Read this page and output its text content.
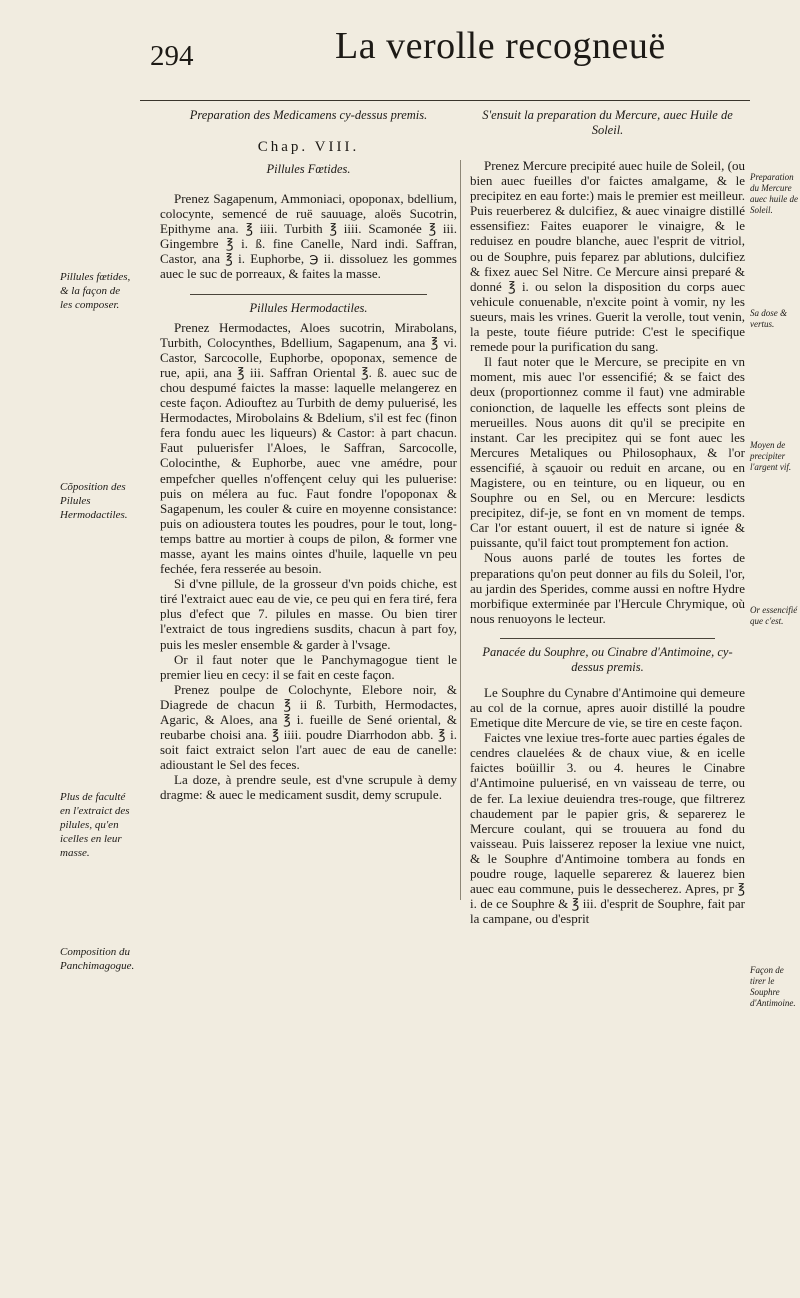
294	La verolle recogneuë
Pillules fœtides, & la façon de les composer.
Cõposition des Pilules Hermodactiles.
Plus de faculté en l'extraict des pilules, qu'en icelles en leur masse.
Composition du Panchimagogue.
Preparation du Mercure auec huile de Soleil.
Sa dose & vertus.
Moyen de precipiter l'argent vif.
Or essencifié que c'est.
Façon de tirer le Souphre d'Antimoine.
Preparation des Medicamens cy-dessus premis.
Chap. VIII.
Pillules Fœtides.

Prenez Sagapenum, Ammoniaci, opoponax, bdellium, colocynte, semencé de ruë sauuage, aloës Sucotrin, Epithyme ana. ℥ iiii. Turbith ℥ iiii. Scamonée ℥ iii. Gingembre ℥ i. ß. fine Canelle, Nard indi. Saffran, Castor, ana ℥ i. Euphorbe, ℈ ii. dissoluez les gommes auec le suc de porreaux, & faites la masse.

Pillules Hermodactiles.

Prenez Hermodactes, Aloes sucotrin, Mirabolans, Turbith, Colocynthes, Bdellium, Sagapenum, ana ℥ vi. Castor, Sarcocolle, Euphorbe, opoponax, semence de rue, apii, ana ℥ iii. Saffran Oriental ℥. ß. auec suc de chou despumé faictes la masse: laquelle melangerez en ceste façon. Adiouftez au Turbith de demy puluerisé, les Hermodactes, Mirobolains & Bdelium, s'il est fec (finon fera fondu auec les liqueurs) & Castor: à part chacun. Faut puluerisfer l'Aloes, le Saffran, Sarcocolle, Colocinthe, & Euphorbe, auec vne amédre, pour empefcher quelles n'offençent celuy qui les puluerise: puis on mélera au fuc. Faut fondre l'opoponax & Sagapenum, les couler & cuire en moyenne consistance: puis on adioustera toutes les poudres, pour le tout, long-temps battre au mortier à coups de pilon, & former vne masse, ayant les mains ointes d'huile, laquelle vn peu fechée, fera resserée au besoin.

Si d'vne pillule, de la grosseur d'vn poids chiche, est tiré l'extraict auec eau de vie, ce peu qui en fera tiré, fera plus d'efect que 7. pilules en masse. Ou bien tirer l'extraict de tous ingrediens susdits, chacun à part foy, puis les mesler ensemble & garder à l'vsage.

Or il faut noter que le Panchymagogue tient le premier lieu en cecy: il se fait en ceste façon.

Prenez poulpe de Colochynte, Elebore noir, & Diagrede de chacun ℥ ii ß. Turbith, Hermodactes, Agaric, & Aloes, ana ℥ i. fueille de Sené oriental, & reubarbe choisi ana. ℥ iiii. poudre Diarrhodon abb. ℥ i. soit faict extraict selon l'art auec de eau de canelle: adioustant le Sel des feces.

La doze, à prendre seule, est d'vne scrupule à demy dragme: & auec le medicament susdit, demy scrupule.

S'ensuit la preparation du Mercure, auec Huile de Soleil.

Prenez Mercure precipité auec huile de Soleil, (ou bien auec fueilles d'or faictes amalgame, & le precipitez en eau forte:) mais le premier est meilleur. Puis reuerberez & dulcifiez, & auec vinaigre distillé essensifiez: Faites euaporer le vinaigre, & le reduisez en poudre blanche, auec l'esprit de vitriol, ou de Souphre, puis feparez par ablutions, dulcifiez & fixez auec Sel Nitre. Ce Mercure ainsi preparé & donné ℥ i. ou selon la disposition du corps auec vehicule conuenable, n'excite point à vomir, ny les sueurs, mais les vrines. Guerit la verolle, tout venin, la peste, toute fiéure putride: C'est le specifique remede pour la purification du sang.

Il faut noter que le Mercure, se precipite en vn moment, mis auec l'or essencifié; & se faict des deux (proportionnez comme il faut) vne admirable conionction, de laquelle les effects sont pleins de merueilles. Nous auons dit qu'il se precipite en instant. Car les precipitez qui se font auec les Mercures Metaliques ou Philosophaux, & l'or essencifié, à sçauoir ou reduit en arcane, ou en Magistere, ou en teinture, ou en liqueur, ou en Souphre ou en Sel, ou en Mercure: lesdicts precipitez, dif-je, se font en vn moment de temps. Car l'or estant ouuert, il est de nature si ignée & puissante, qu'il faict tout promptement fon action.

Nous auons parlé de toutes les fortes de preparations qu'on peut donner au fils du Soleil, l'or, au jardin des Sperides, comme aussi en noftre Hydre morbifique exterminée par l'Hercule Chrymique, où nous renuoyons le lecteur.

Panacée du Souphre, ou Cinabre d'Antimoine, cy-dessus premis.

Le Souphre du Cynabre d'Antimoine qui demeure au col de la cornue, apres auoir distillé la poudre Emetique dite Mercure de vie, se tire en ceste façon.

Faictes vne lexiue tres-forte auec parties égales de cendres clauelées & de chaux viue, & en icelle faictes boüillir 3. ou 4. heures le Cinabre d'Antimoine puluerisé, en vn vaisseau de terre, ou de fer. La lexiue deuiendra tres-rouge, que filtrerez chaudement par le papier gris, & separerez le Mercure coulant, qui se trouuera au fond du vaisseau. Puis laisserez reposer la lexiue vne nuict, & le Souphre d'Antimoine tombera au fonds en poudre rouge, laquelle separerez & lauerez bien auec eau commune, puis le dessecherez. Apres, pr ℥ i. de ce Souphre & ℥ iii. d'esprit de Souphre, fait par la campane, ou d'esprit
